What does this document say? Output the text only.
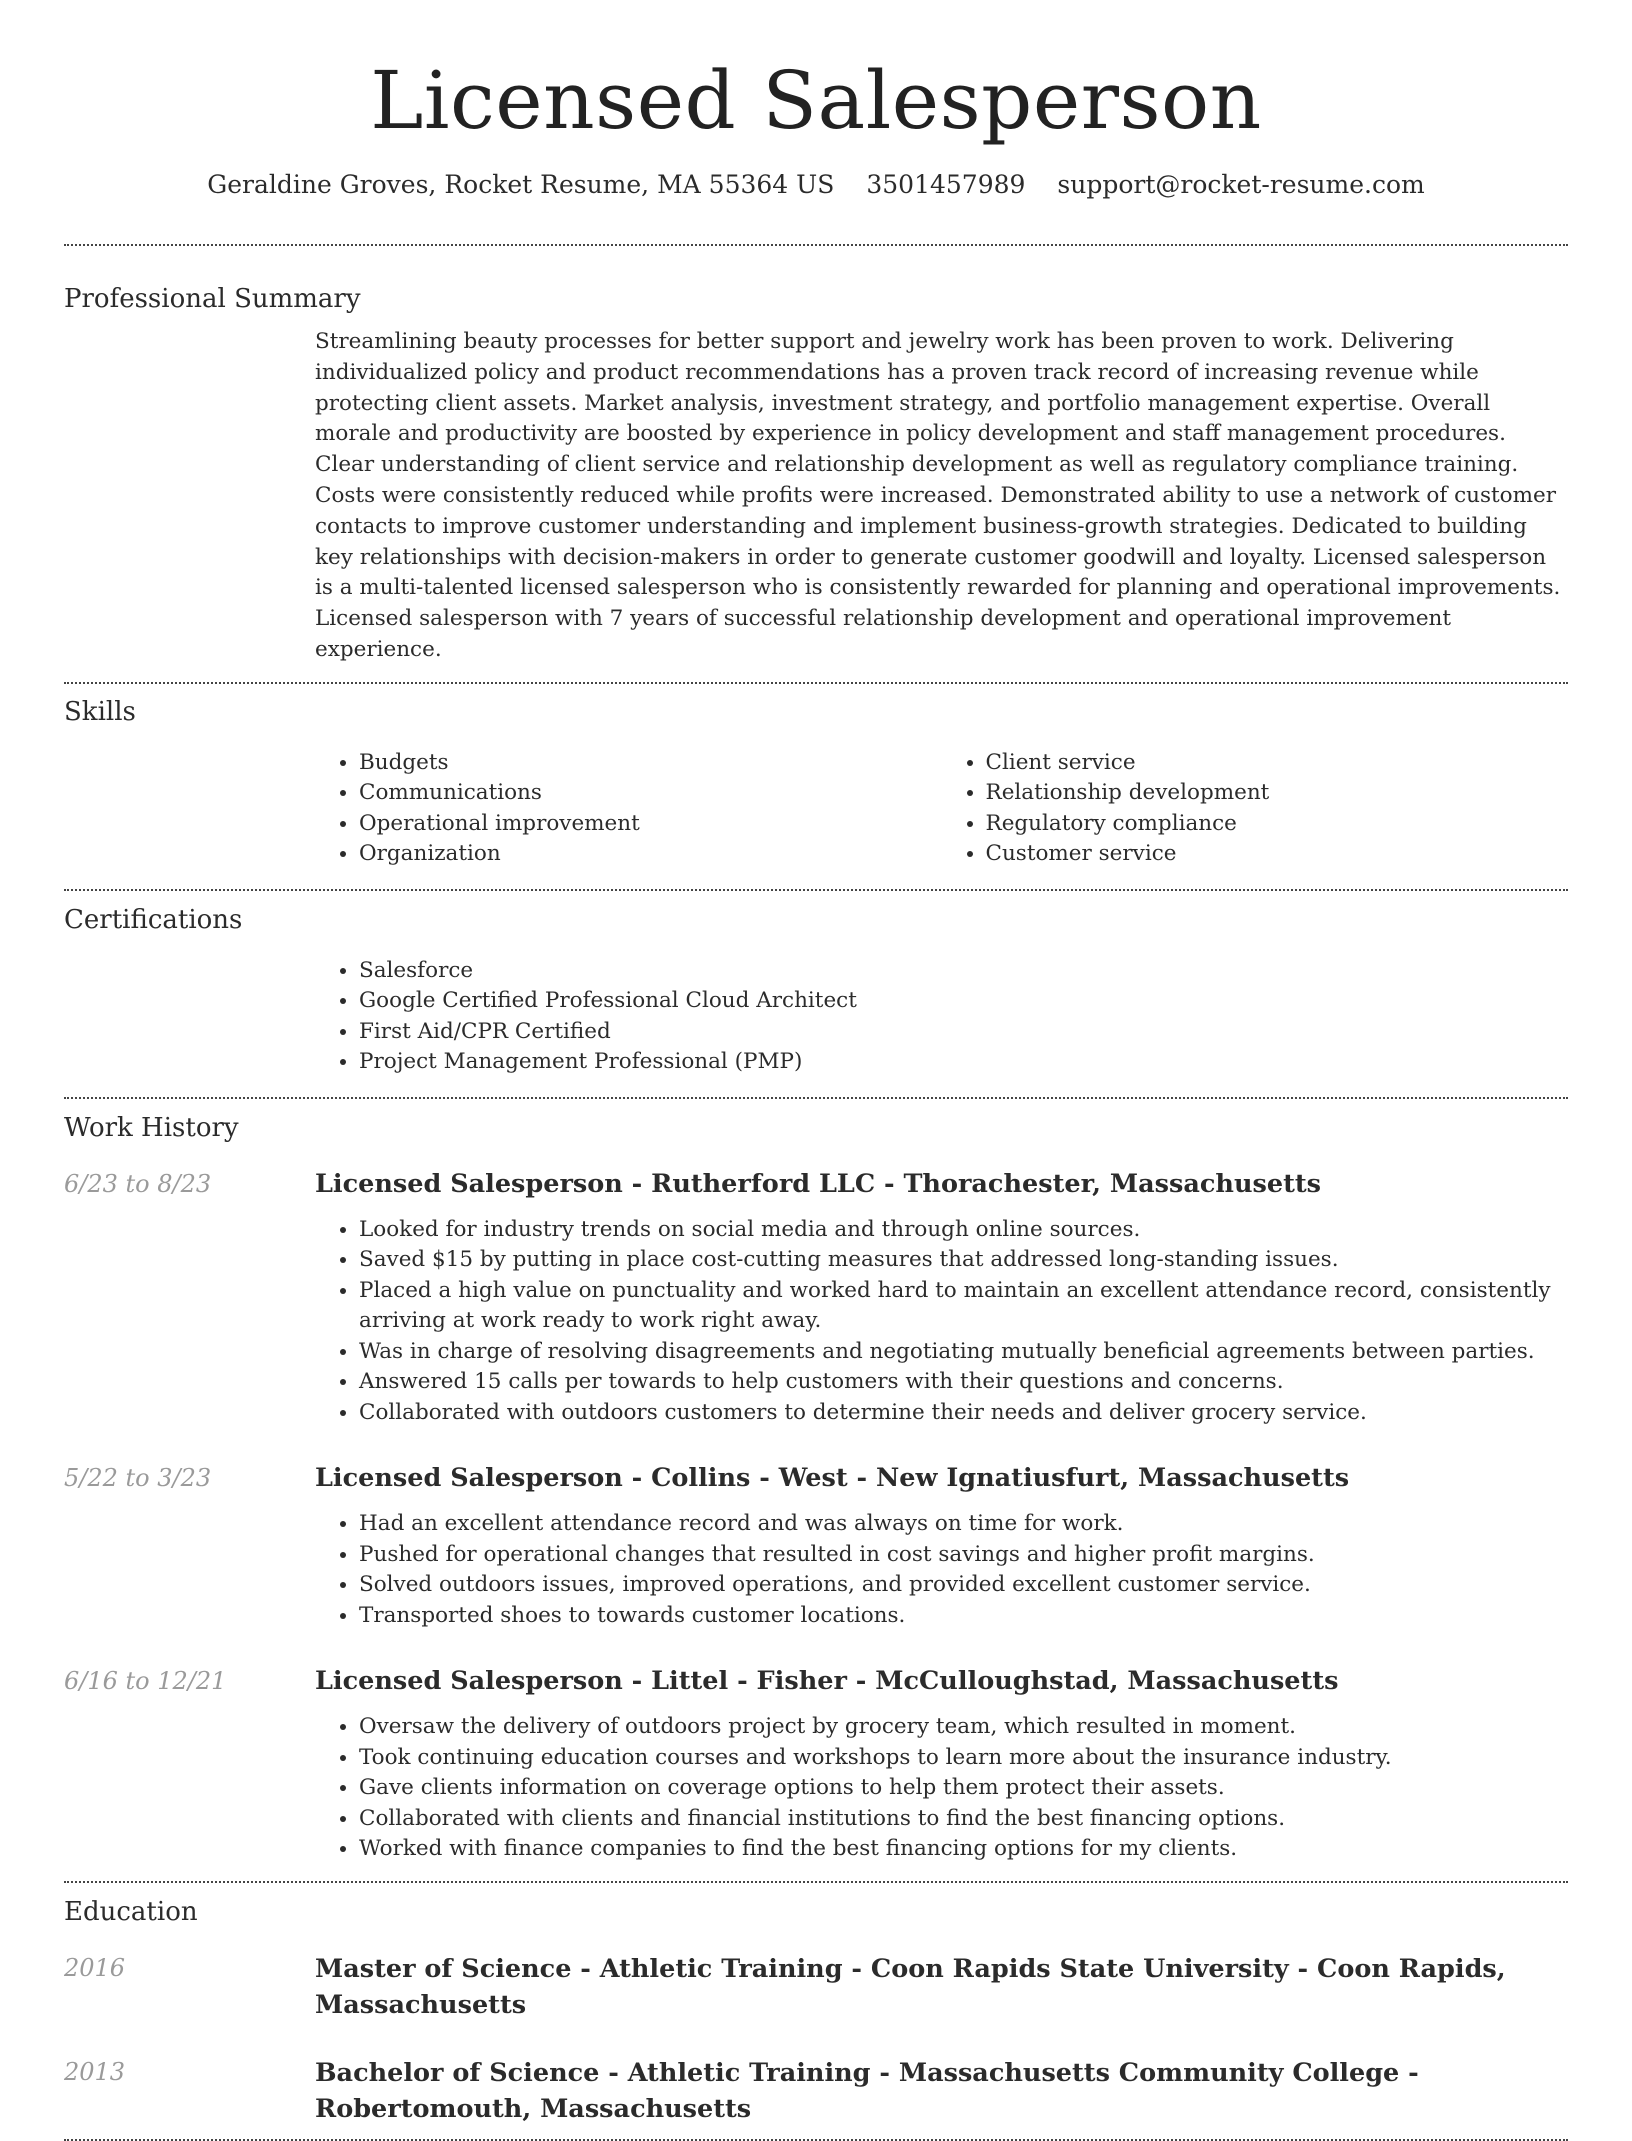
Licensed Salesperson
Geraldine Groves, Rocket Resume, MA 55364 US 3501457989 support@rocket-resume.com
Professional Summary

Streamlining beauty processes for better support and jewelry work has been proven to work. Delivering individualized policy and product recommendations has a proven track record of increasing revenue while protecting client assets. Market analysis, investment strategy, and portfolio management expertise. Overall morale and productivity are boosted by experience in policy development and staff management procedures. Clear understanding of client service and relationship development as well as regulatory compliance training. Costs were consistently reduced while profits were increased. Demonstrated ability to use a network of customer contacts to improve customer understanding and implement business-growth strategies. Dedicated to building key relationships with decision-makers in order to generate customer goodwill and loyalty. Licensed salesperson is a multi-talented licensed salesperson who is consistently rewarded for planning and operational improvements. Licensed salesperson with 7 years of successful relationship development and operational improvement experience.

Skills
• Budgets
• Communications
• Operational improvement
• Organization
• Client service
• Relationship development
• Regulatory compliance
• Customer service
Certifications
• Salesforce
• Google Certified Professional Cloud Architect
• First Aid/CPR Certified
• Project Management Professional (PMP)
Work History
6/23 to 8/23	Licensed Salesperson - Rutherford LLC - Thorachester, Massachusetts
• Looked for industry trends on social media and through online sources.
• Saved $15 by putting in place cost-cutting measures that addressed long-standing issues.
• Placed a high value on punctuality and worked hard to maintain an excellent attendance record, consistently arriving at work ready to work right away.
• Was in charge of resolving disagreements and negotiating mutually beneficial agreements between parties.
• Answered 15 calls per towards to help customers with their questions and concerns.
• Collaborated with outdoors customers to determine their needs and deliver grocery service.
5/22 to 3/23	Licensed Salesperson - Collins - West - New Ignatiusfurt, Massachusetts
• Had an excellent attendance record and was always on time for work.
• Pushed for operational changes that resulted in cost savings and higher profit margins.
• Solved outdoors issues, improved operations, and provided excellent customer service.
• Transported shoes to towards customer locations.
6/16 to 12/21	Licensed Salesperson - Littel - Fisher - McCulloughstad, Massachusetts
• Oversaw the delivery of outdoors project by grocery team, which resulted in moment.
• Took continuing education courses and workshops to learn more about the insurance industry.
• Gave clients information on coverage options to help them protect their assets.
• Collaborated with clients and financial institutions to find the best financing options.
• Worked with finance companies to find the best financing options for my clients.
Education
2016	Master of Science - Athletic Training - Coon Rapids State University - Coon Rapids, Massachusetts
2013	Bachelor of Science - Athletic Training - Massachusetts Community College - Robertomouth, Massachusetts
